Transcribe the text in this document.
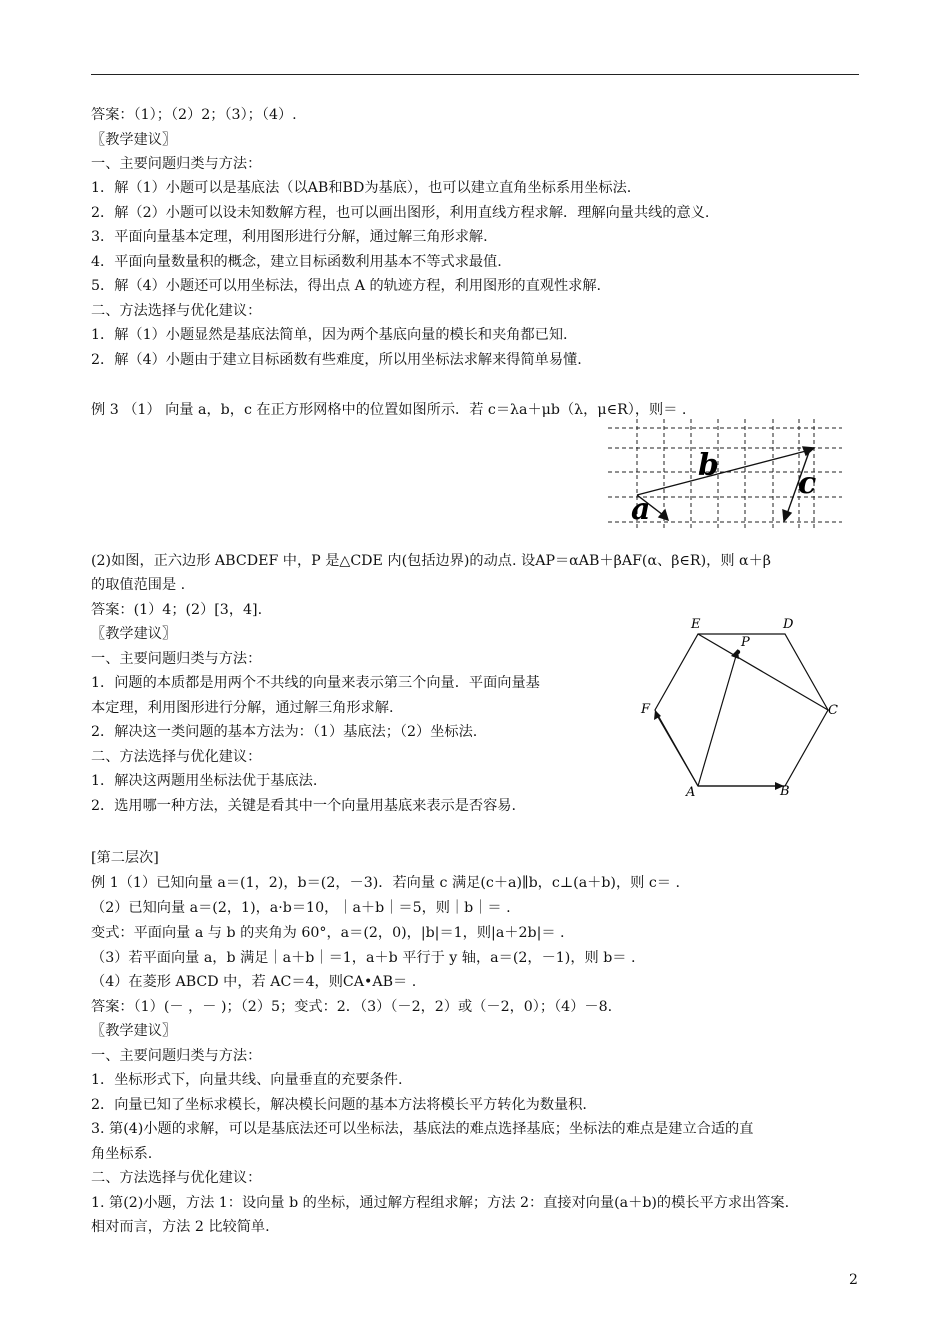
答案：（1）；（2）2；（3）；（4）.
〖教学建议〗
一、主要问题归类与方法：
1．解（1）小题可以是基底法（以AB和BD为基底），也可以建立直角坐标系用坐标法.
2．解（2）小题可以设未知数解方程，也可以画出图形，利用直线方程求解．理解向量共线的意义.
3．平面向量基本定理，利用图形进行分解，通过解三角形求解.
4．平面向量数量积的概念，建立目标函数利用基本不等式求最值.
5．解（4）小题还可以用坐标法，得出点 A 的轨迹方程，利用图形的直观性求解.
二、方法选择与优化建议：
1．解（1）小题显然是基底法简单，因为两个基底向量的模长和夹角都已知.
2．解（4）小题由于建立目标函数有些难度，所以用坐标法求解来得简单易懂.
例 3 （1） 向量 a，b，c 在正方形网格中的位置如图所示．若 c＝λa＋μb（λ，μ∈R），则＝ .
a
b
c
(2)如图，正六边形 ABCDEF 中，P 是△CDE 内(包括边界)的动点. 设AP＝αAB＋βAF(α、β∈R)，则 α＋β
的取值范围是 .
答案：(1）4；(2）[3，4].
〖教学建议〗
一、主要问题归类与方法：
1．问题的本质都是用两个不共线的向量来表示第三个向量．平面向量基
本定理，利用图形进行分解，通过解三角形求解.
2．解决这一类问题的基本方法为：（1）基底法；（2）坐标法.
二、方法选择与优化建议：
1．解决这两题用坐标法优于基底法.
2．选用哪一种方法，关键是看其中一个向量用基底来表示是否容易.
A	B
C
D
E
F
P
[第二层次]
例 1（1）已知向量 a＝(1，2)，b＝(2，－3)．若向量 c 满足(c＋a)∥b，c⊥(a＋b)，则 c＝ .
（2）已知向量 a＝(2，1)，a·b＝10，｜a＋b｜＝5，则｜b｜＝ .
变式：平面向量 a 与 b 的夹角为 60°，a＝(2，0)，|b|＝1，则|a＋2b|＝ .
（3）若平面向量 a，b 满足｜a＋b｜＝1，a＋b 平行于 y 轴，a＝(2，－1)，则 b＝ .
（4）在菱形 ABCD 中，若 AC＝4，则CA•AB＝ .
答案：（1）(－ ，－ )；（2）5；变式：2．（3）（－2，2）或（－2，0）；（4）－8.
〖教学建议〗
一、主要问题归类与方法：
1．坐标形式下，向量共线、向量垂直的充要条件.
2．向量已知了坐标求模长，解决模长问题的基本方法将模长平方转化为数量积.
3. 第(4)小题的求解，可以是基底法还可以坐标法，基底法的难点选择基底；坐标法的难点是建立合适的直
角坐标系.
二、方法选择与优化建议：
1. 第(2)小题，方法 1：设向量 b 的坐标，通过解方程组求解；方法 2：直接对向量(a＋b)的模长平方求出答案.
相对而言，方法 2 比较简单.
2
